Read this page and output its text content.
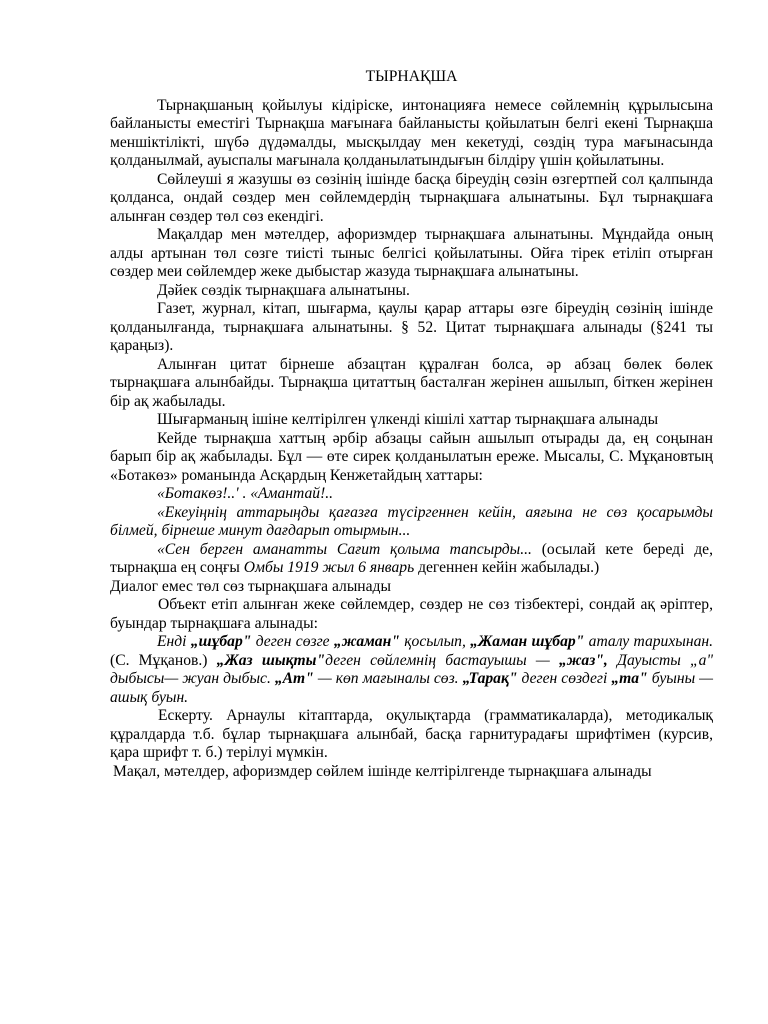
ТЫРНАҚША

Тырнақшаның қойылуы кідіріске, интонацияға немесе сөйлемнің құрылысына байланысты еместігі Тырнақша мағынаға байланысты қойылатын белгі екені Тырнақша меншіктілікті, шүбә дүдәмалды, мысқылдау мен кекетуді, сөздің тура мағынасында қолданылмай, ауыспалы мағынала қолданылатындығын білдіру үшін қойылатыны.

Сөйлеуші я жазушы өз сөзінің ішінде басқа біреудің сөзін өзгертпей сол қалпында қолданса, ондай сөздер мен сөйлемдердің тырнақшаға алынатыны. Бұл тырнақшаға алынған сөздер төл сөз екендігі.

Мақалдар мен мәтелдер, афоризмдер тырнақшаға алынатыны. Мұндайда оның алды артынан төл сөзге тиісті тыныс белгісі қойылатыны. Ойға тірек етіліп отырған сөздер меи сөйлемдер жеке дыбыстар жазуда тырнақшаға алынатыны.

Дәйек сөздік тырнақшаға алынатыны.

Газет, журнал, кітап, шығарма, қаулы қарар аттары өзге біреудің сөзінің ішінде қолданылғанда, тырнақшаға алынатыны. § 52. Цитат тырнақшаға алынады (§241 ты қараңыз).

Алынған цитат бірнеше абзацтан құралған болса, әр абзац бөлек бөлек тырнақшаға алынбайды. Тырнақша цитаттың басталған жерінен ашылып, біткен жерінен бір ақ жабылады.

Шығарманың ішіне келтірілген үлкенді кішілі хаттар тырнақшаға алынады

Кейде тырнақша хаттың әрбір абзацы сайын ашылып отырады да, ең соңынан барып бір ақ жабылады. Бұл — өте сирек қолданылатын ереже. Мысалы, С. Мұқановтың «Ботакөз» романында Асқардың Кенжетайдың хаттары:

«Ботакөз!..' . «Амантай!..

«Екеуіңнің аттарыңды қағазға түсіргеннен кейін, аяғына не сөз қосарымды білмей, бірнеше минут дағдарып отырмын...

«Сен берген аманатты Сағит қолыма тапсырды... (осылай кете береді де, тырнақша ең соңғы Омбы 1919 жыл 6 январь дегеннен кейін жабылады.)

Диалог емес төл сөз тырнақшаға алынады

Объект етіп алынған жеке сөйлемдер, сөздер не сөз тізбектері, сондай ақ әріптер, буындар тырнақшаға алынады:

Енді „шұбар" деген сөзге „жаман" қосылып, „Жаман шұбар" аталу тарихынан. (С. Мұқанов.) „Жаз шықты"деген сөйлемнің бастауышы — „жаз", Дауысты „а" дыбысы— жуан дыбыс. „Ат" — көп мағыналы сөз. „Тарақ" деген сөздегі „та" буыны — ашық буын.

Ескерту. Арнаулы кітаптарда, оқулықтарда (грамматикаларда), методикалық құралдарда т.б. бұлар тырнақшаға алынбай, басқа гарнитурадағы шрифтімен (курсив, қара шрифт т. б.) терілуі мүмкін.

Мақал, мәтелдер, афоризмдер сөйлем ішінде келтірілгенде тырнақшаға алынады
